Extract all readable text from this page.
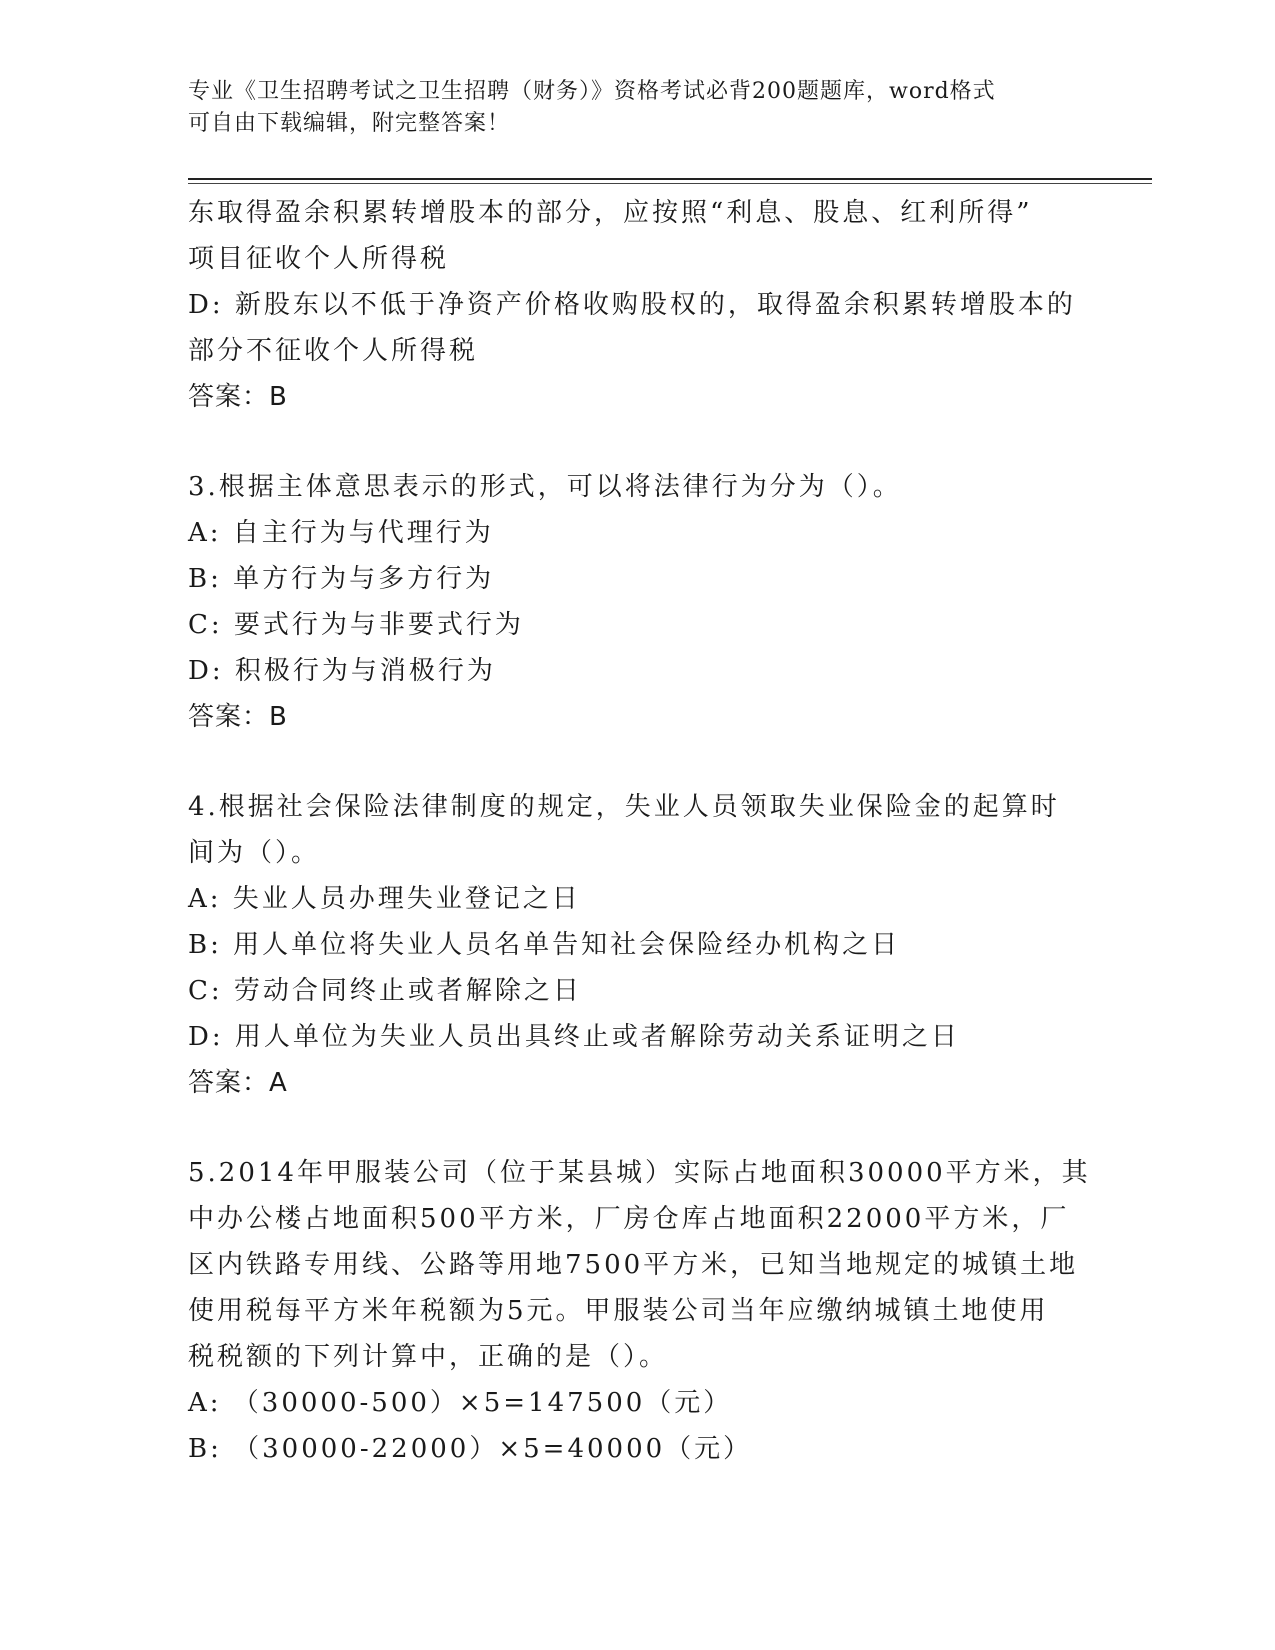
专业《卫生招聘考试之卫生招聘（财务）》资格考试必背200题题库，word格式
可自由下载编辑，附完整答案！
东取得盈余积累转增股本的部分，应按照“利息、股息、红利所得”
项目征收个人所得税
D: 新股东以不低于净资产价格收购股权的，取得盈余积累转增股本的
部分不征收个人所得税
答案：B
3.根据主体意思表示的形式，可以将法律行为分为（）。
A: 自主行为与代理行为
B: 单方行为与多方行为
C: 要式行为与非要式行为
D: 积极行为与消极行为
答案：B
4.根据社会保险法律制度的规定，失业人员领取失业保险金的起算时
间为（）。
A: 失业人员办理失业登记之日
B: 用人单位将失业人员名单告知社会保险经办机构之日
C: 劳动合同终止或者解除之日
D: 用人单位为失业人员出具终止或者解除劳动关系证明之日
答案：A
5.2014年甲服装公司（位于某县城）实际占地面积30000平方米，其
中办公楼占地面积500平方米，厂房仓库占地面积22000平方米，厂
区内铁路专用线、公路等用地7500平方米，已知当地规定的城镇土地
使用税每平方米年税额为5元。甲服装公司当年应缴纳城镇土地使用
税税额的下列计算中，正确的是（）。
A: （30000-500）×5=147500（元）
B: （30000-22000）×5=40000（元）
